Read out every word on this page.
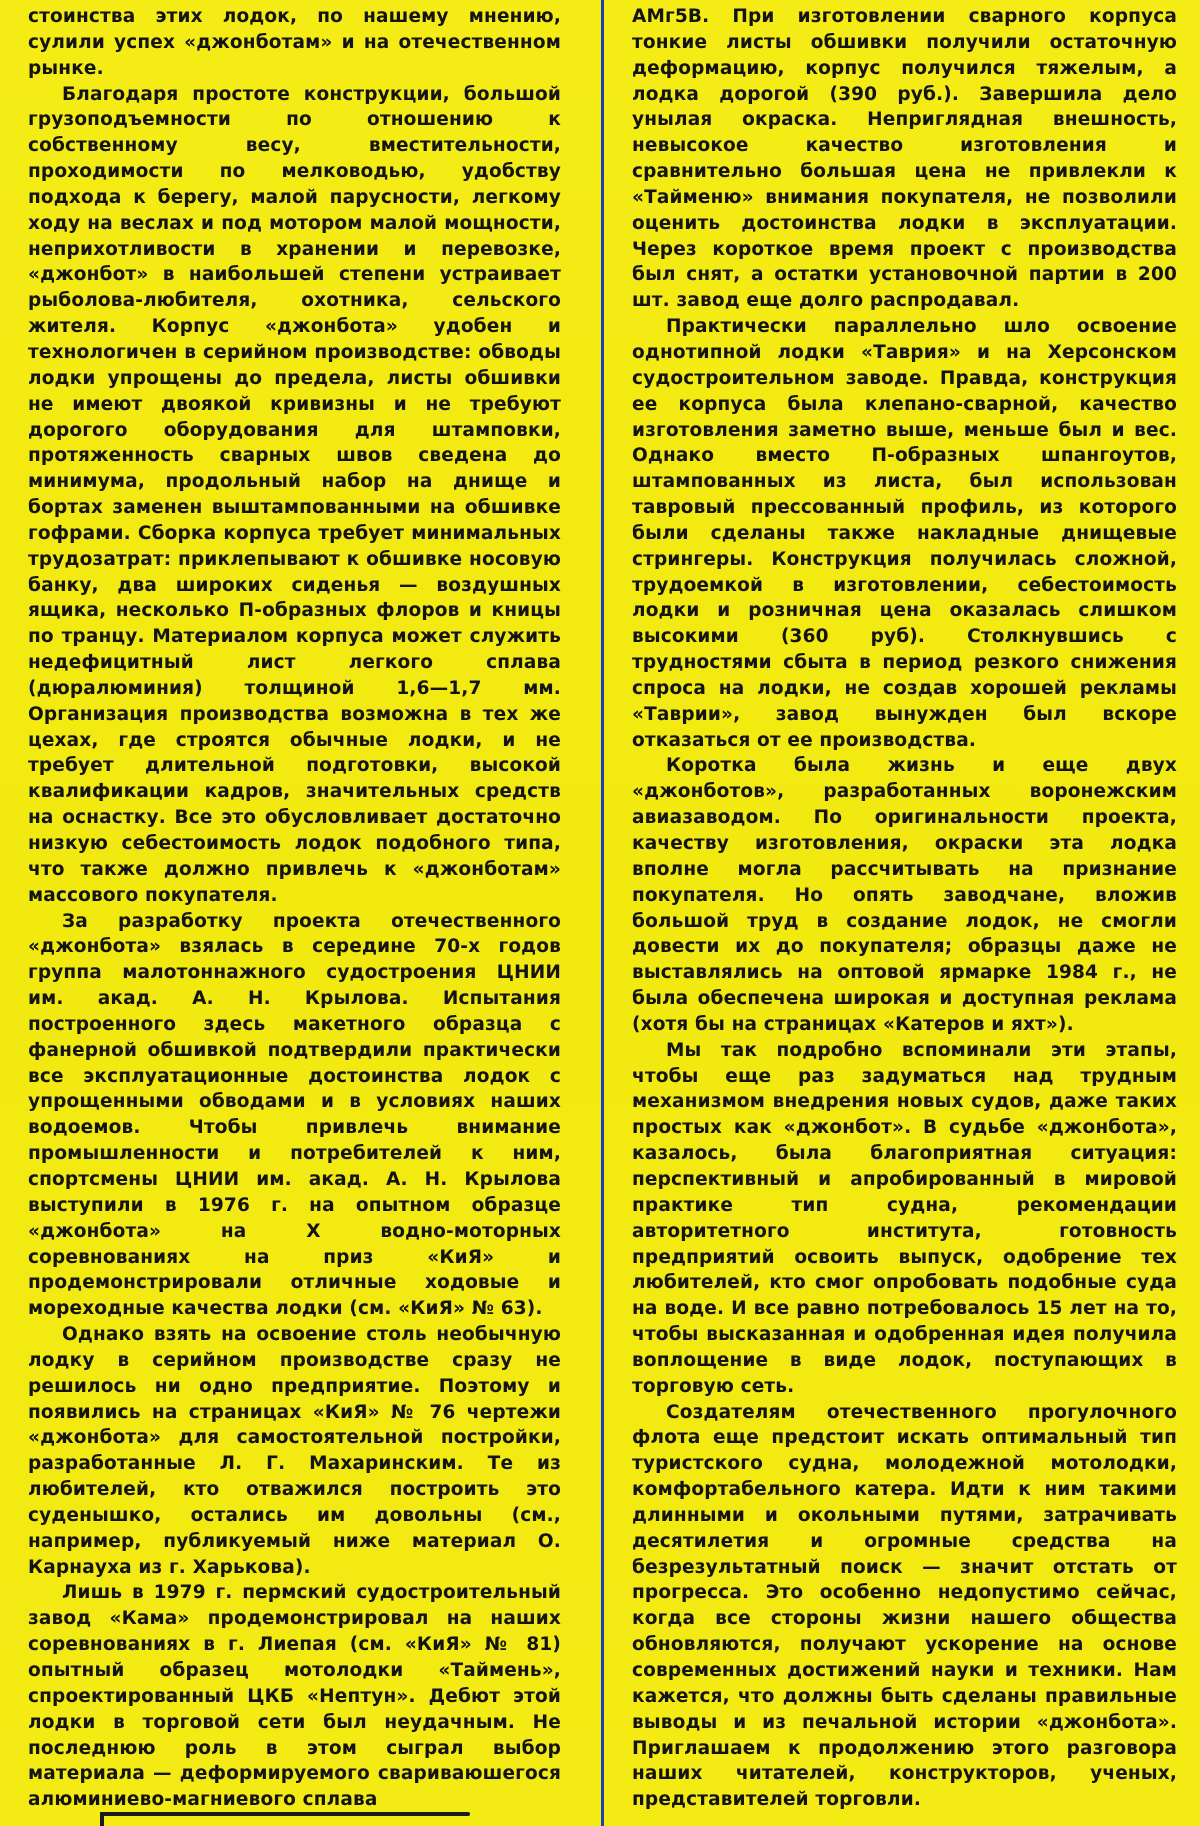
стоинства этих лодок, по нашему мнению, сулили успех «джонботам» и на отечественном рынке.

Благодаря простоте конструкции, большой грузоподъемности по отношению к собственному весу, вместительности, проходимости по мелководью, удобству подхода к берегу, малой парусности, легкому ходу на веслах и под мотором малой мощности, неприхотливости в хранении и перевозке, «джонбот» в наибольшей степени устраивает рыболова-любителя, охотника, сельского жителя. Корпус «джонбота» удобен и технологичен в серийном производстве: обводы лодки упрощены до предела, листы обшивки не имеют двоякой кривизны и не требуют дорогого оборудования для штамповки, протяженность сварных швов сведена до минимума, продольный набор на днище и бортах заменен выштампованными на обшивке гофрами. Сборка корпуса требует минимальных трудозатрат: приклепывают к обшивке носовую банку, два широких сиденья — воздушных ящика, несколько П-образных флоров и кницы по транцу. Материалом корпуса может служить недефицитный лист легкого сплава (дюралюминия) толщиной 1,6—1,7 мм. Организация производства возможна в тех же цехах, где строятся обычные лодки, и не требует длительной подготовки, высокой квалификации кадров, значительных средств на оснастку. Все это обусловливает достаточно низкую себестоимость лодок подобного типа, что также должно привлечь к «джонботам» массового покупателя.

За разработку проекта отечественного «джонбота» взялась в середине 70-х годов группа малотоннажного судостроения ЦНИИ им. акад. А. Н. Крылова. Испытания построенного здесь макетного образца с фанерной обшивкой подтвердили практически все эксплуатационные достоинства лодок с упрощенными обводами и в условиях наших водоемов. Чтобы привлечь внимание промышленности и потребителей к ним, спортсмены ЦНИИ им. акад. А. Н. Крылова выступили в 1976 г. на опытном образце «джонбота» на X водно-моторных соревнованиях на приз «КиЯ» и продемонстрировали отличные ходовые и мореходные качества лодки (см. «КиЯ» № 63).

Однако взять на освоение столь необычную лодку в серийном производстве сразу не решилось ни одно предприятие. Поэтому и появились на страницах «КиЯ» № 76 чертежи «джонбота» для самостоятельной постройки, разработанные Л. Г. Махаринским. Те из любителей, кто отважился построить это суденышко, остались им довольны (см., например, публикуемый ниже материал О. Карнауха из г. Харькова).

Лишь в 1979 г. пермский судостроительный завод «Кама» продемонстрировал на наших соревнованиях в г. Лиепая (см. «КиЯ» № 81) опытный образец мотолодки «Таймень», спроектированный ЦКБ «Нептун». Дебют этой лодки в торговой сети был неудачным. Не последнюю роль в этом сыграл выбор материала — деформируемого свариваюшегося алюминиево-магниевого сплава

АМг5В. При изготовлении сварного корпуса тонкие листы обшивки получили остаточную деформацию, корпус получился тяжелым, а лодка дорогой (390 руб.). Завершила дело унылая окраска. Неприглядная внешность, невысокое качество изготовления и сравнительно большая цена не привлекли к «Тайменю» внимания покупателя, не позволили оценить достоинства лодки в эксплуатации. Через короткое время проект с производства был снят, а остатки установочной партии в 200 шт. завод еще долго распродавал.

Практически параллельно шло освоение однотипной лодки «Таврия» и на Херсонском судостроительном заводе. Правда, конструкция ее корпуса была клепано-сварной, качество изготовления заметно выше, меньше был и вес. Однако вместо П-образных шпангоутов, штампованных из листа, был использован тавровый прессованный профиль, из которого были сделаны также накладные днищевые стрингеры. Конструкция получилась сложной, трудоемкой в изготовлении, себестоимость лодки и розничная цена оказалась слишком высокими (360 руб). Столкнувшись с трудностями сбыта в период резкого снижения спроса на лодки, не создав хорошей рекламы «Таврии», завод вынужден был вскоре отказаться от ее производства.

Коротка была жизнь и еще двух «джонботов», разработанных воронежским авиазаводом. По оригинальности проекта, качеству изготовления, окраски эта лодка вполне могла рассчитывать на признание покупателя. Но опять заводчане, вложив большой труд в создание лодок, не смогли довести их до покупателя; образцы даже не выставлялись на оптовой ярмарке 1984 г., не была обеспечена широкая и доступная реклама (хотя бы на страницах «Катеров и яхт»).

Мы так подробно вспоминали эти этапы, чтобы еще раз задуматься над трудным механизмом внедрения новых судов, даже таких простых как «джонбот». В судьбе «джонбота», казалось, была благоприятная ситуация: перспективный и апробированный в мировой практике тип судна, рекомендации авторитетного института, готовность предприятий освоить выпуск, одобрение тех любителей, кто смог опробовать подобные суда на воде. И все равно потребовалось 15 лет на то, чтобы высказанная и одобренная идея получила воплощение в виде лодок, поступающих в торговую сеть.

Создателям отечественного прогулочного флота еще предстоит искать оптимальный тип туристского судна, молодежной мотолодки, комфортабельного катера. Идти к ним такими длинными и окольными путями, затрачивать десятилетия и огромные средства на безрезультатный поиск — значит отстать от прогресса. Это особенно недопустимо сейчас, когда все стороны жизни нашего общества обновляются, получают ускорение на основе современных достижений науки и техники. Нам кажется, что должны быть сделаны правильные выводы и из печальной истории «джонбота». Приглашаем к продолжению этого разговора наших читателей, конструкторов, ученых, представителей торговли.
